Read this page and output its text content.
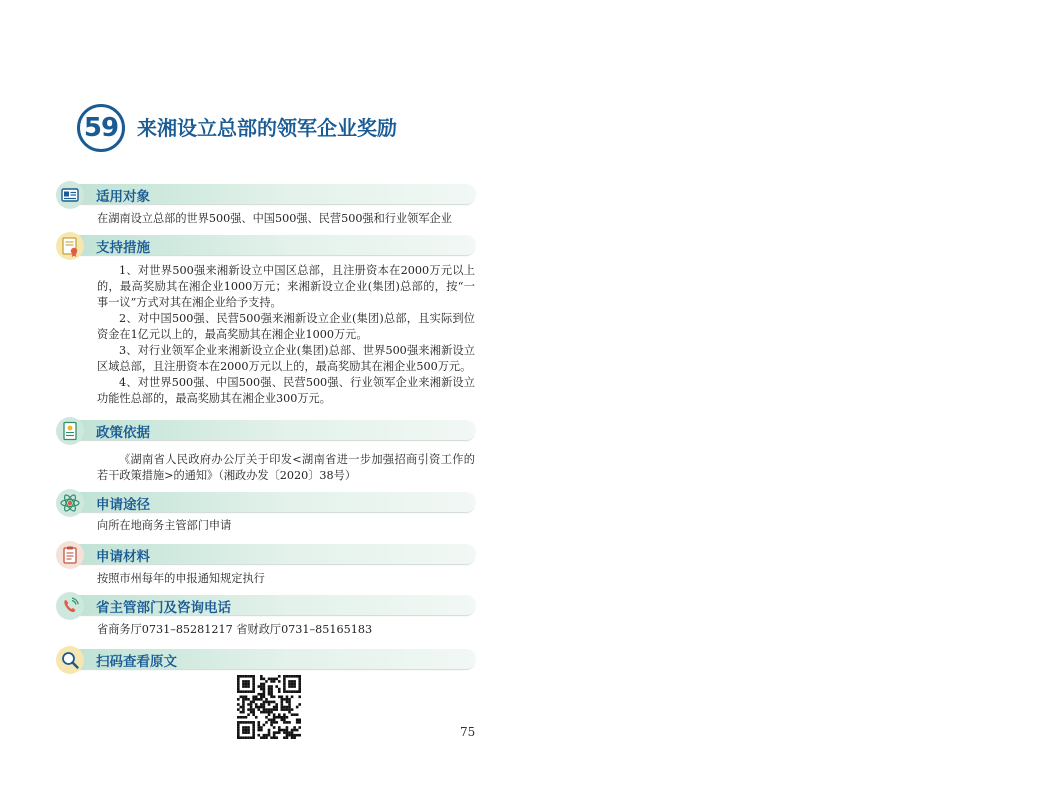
59 来湘设立总部的领军企业奖励
适用对象

在湖南设立总部的世界500强、中国500强、民营500强和行业领军企业

支持措施

1、对世界500强来湘新设立中国区总部，且注册资本在2000万元以上的，最高奖励其在湘企业1000万元；来湘新设立企业(集团)总部的，按“一事一议”方式对其在湘企业给予支持。

2、对中国500强、民营500强来湘新设立企业(集团)总部，且实际到位资金在1亿元以上的，最高奖励其在湘企业1000万元。

3、对行业领军企业来湘新设立企业(集团)总部、世界500强来湘新设立区域总部，且注册资本在2000万元以上的，最高奖励其在湘企业500万元。

4、对世界500强、中国500强、民营500强、行业领军企业来湘新设立功能性总部的，最高奖励其在湘企业300万元。

政策依据

《湖南省人民政府办公厅关于印发<湖南省进一步加强招商引资工作的若干政策措施>的通知》（湘政办发〔2020〕38号）

申请途径

向所在地商务主管部门申请

申请材料

按照市州每年的申报通知规定执行

省主管部门及咨询电话

省商务厅0731–85281217 省财政厅0731–85165183

扫码查看原文
75
